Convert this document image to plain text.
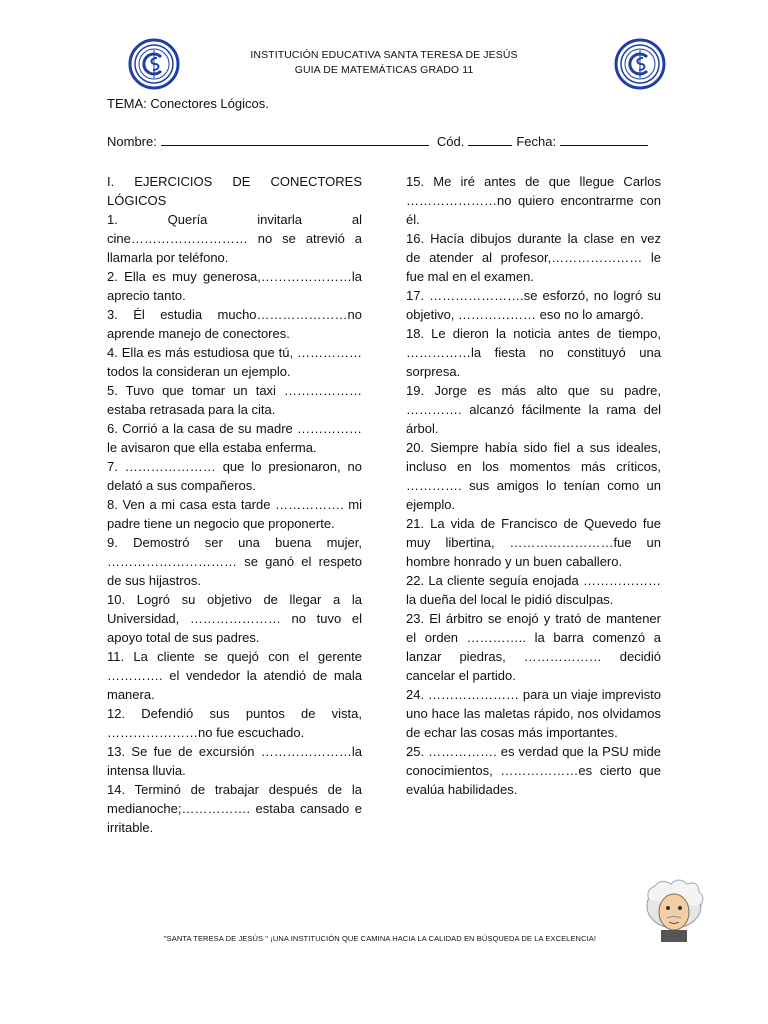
INSTITUCIÓN EDUCATIVA SANTA TERESA DE JESÚS
GUIA DE MATEMÁTICAS GRADO 11
TEMA: Conectores Lógicos.
Nombre:	Cód.	Fecha:

I. EJERCICIOS DE CONECTORES LÓGICOS

1. Quería invitarla al cine……………………… no se atrevió a llamarla por teléfono.

2. Ella es muy generosa,…………………la aprecio tanto.

3. Él estudia mucho…………………no aprende manejo de conectores.

4. Ella es más estudiosa que tú, …………… todos la consideran un ejemplo.

5. Tuvo que tomar un taxi ……………… estaba retrasada para la cita.

6. Corrió a la casa de su madre ……………le avisaron que ella estaba enferma.

7. ………………… que lo presionaron, no delató a sus compañeros.

8. Ven a mi casa esta tarde ……………. mi padre tiene un negocio que proponerte.

9. Demostró ser una buena mujer, ………………………… se ganó el respeto de sus hijastros.

10. Logró su objetivo de llegar a la Universidad, ………………… no tuvo el apoyo total de sus padres.

11. La cliente se quejó con el gerente …………. el vendedor la atendió de mala manera.

12. Defendió sus puntos de vista, …………………no fue escuchado.

13. Se fue de excursión …………………la intensa lluvia.

14. Terminó de trabajar después de la medianoche;……………. estaba cansado e irritable.

15. Me iré antes de que llegue Carlos …………………no quiero encontrarme con él.

16. Hacía dibujos durante la clase en vez de atender al profesor,………………… le fue mal en el examen.

17. ………………….se esforzó, no logró su objetivo, ……………… eso no lo amargó.

18. Le dieron la noticia antes de tiempo, ……………la fiesta no constituyó una sorpresa.

19. Jorge es más alto que su padre, …………. alcanzó fácilmente la rama del árbol.

20. Siempre había sido fiel a sus ideales, incluso en los momentos más críticos, …………. sus amigos lo tenían como un ejemplo.

21. La vida de Francisco de Quevedo fue muy libertina, ……………………fue un hombre honrado y un buen caballero.

22. La cliente seguía enojada ……………… la dueña del local le pidió disculpas.

23. El árbitro se enojó y trató de mantener el orden ………….. la barra comenzó a lanzar piedras, ……………… decidió cancelar el partido.

24. ………………… para un viaje imprevisto uno hace las maletas rápido, nos olvidamos de echar las cosas más importantes.

25. ……………. es verdad que la PSU mide conocimientos, ………………es cierto que evalúa habilidades.

"SANTA TERESA DE JESÚS " ¡UNA INSTITUCIÓN QUE CAMINA HACIA LA CALIDAD EN BÚSQUEDA DE LA EXCELENCIA!
